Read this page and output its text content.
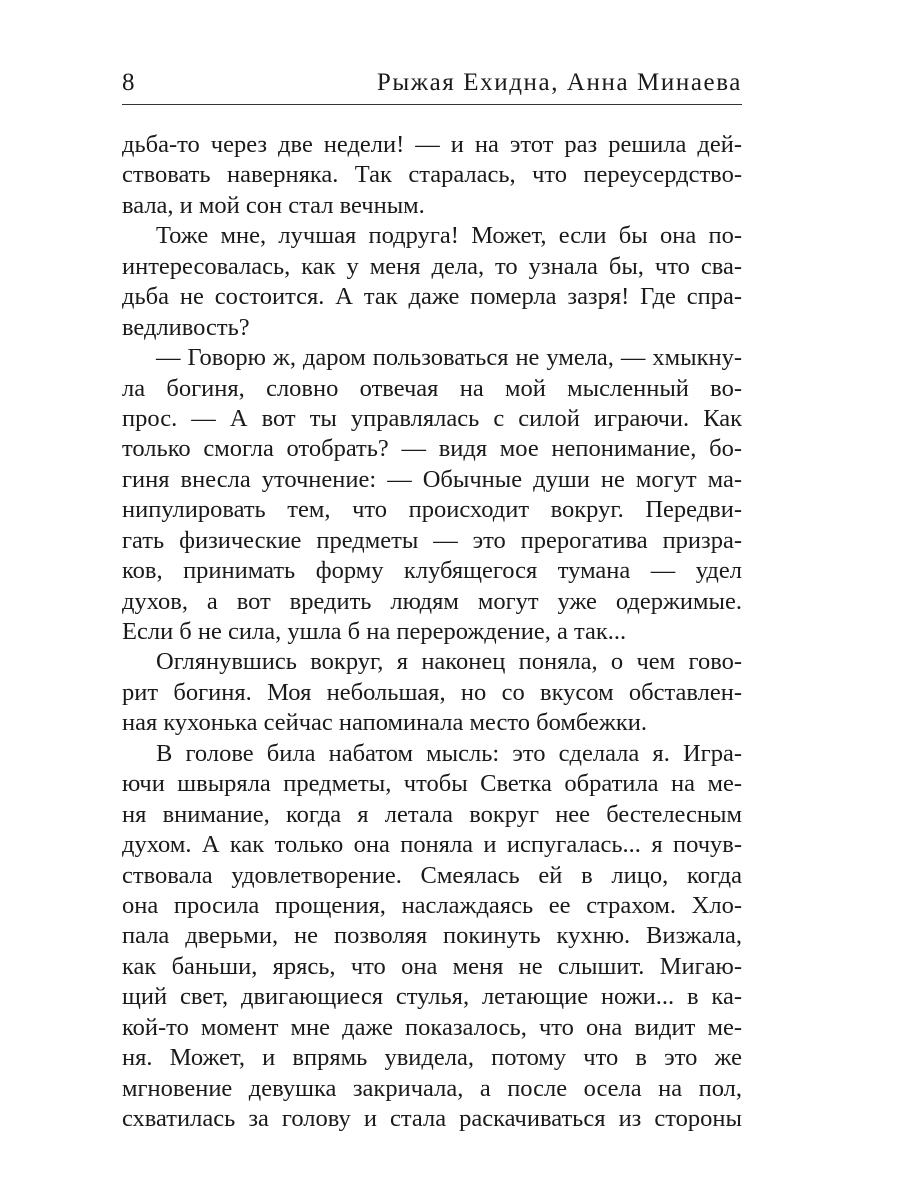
8	Рыжая Ехидна, Анна Минаева
дьба-то через две недели! — и на этот раз решила дей-
ствовать наверняка. Так старалась, что переусердство-
вала, и мой сон стал вечным.
Тоже мне, лучшая подруга! Может, если бы она по-
интересовалась, как у меня дела, то узнала бы, что сва-
дьба не состоится. А так даже померла зазря! Где спра-
ведливость?
— Говорю ж, даром пользоваться не умела, — хмыкну-
ла богиня, словно отвечая на мой мысленный во-
прос. — А вот ты управлялась с силой играючи. Как
только смогла отобрать? — видя мое непонимание, бо-
гиня внесла уточнение: — Обычные души не могут ма-
нипулировать тем, что происходит вокруг. Передви-
гать физические предметы — это прерогатива призра-
ков, принимать форму клубящегося тумана — удел
духов, а вот вредить людям могут уже одержимые.
Если б не сила, ушла б на перерождение, а так...
Оглянувшись вокруг, я наконец поняла, о чем гово-
рит богиня. Моя небольшая, но со вкусом обставлен-
ная кухонька сейчас напоминала место бомбежки.
В голове била набатом мысль: это сделала я. Игра-
ючи швыряла предметы, чтобы Светка обратила на ме-
ня внимание, когда я летала вокруг нее бестелесным
духом. А как только она поняла и испугалась... я почув-
ствовала удовлетворение. Смеялась ей в лицо, когда
она просила прощения, наслаждаясь ее страхом. Хло-
пала дверьми, не позволяя покинуть кухню. Визжала,
как баньши, ярясь, что она меня не слышит. Мигаю-
щий свет, двигающиеся стулья, летающие ножи... в ка-
кой-то момент мне даже показалось, что она видит ме-
ня. Может, и впрямь увидела, потому что в это же
мгновение девушка закричала, а после осела на пол,
схватилась за голову и стала раскачиваться из стороны
